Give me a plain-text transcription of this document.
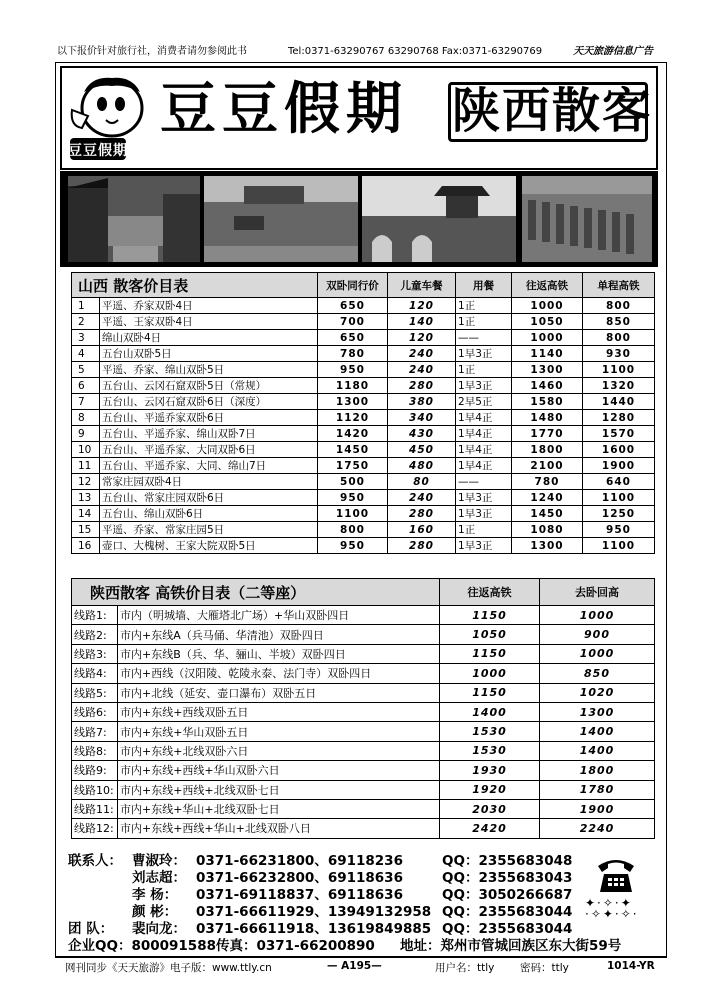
以下报价针对旅行社，消费者请勿参阅此书	Tel:0371-63290767 63290768 Fax:0371-63290769	天天旅游信息广告
豆豆假期
豆豆假期 陕西散客
山西 散客价目表		双卧同行价	儿童车餐	用餐	往返高铁	单程高铁
1	平遥、乔家双卧4日	650	120	1正	1000	800
2	平遥、王家双卧4日	700	140	1正	1050	850
3	绵山双卧4日	650	120	——	1000	800
4	五台山双卧5日	780	240	1早3正	1140	930
5	平遥、乔家、绵山双卧5日	950	240	1正	1300	1100
6	五台山、云冈石窟双卧5日（常规）	1180	280	1早3正	1460	1320
7	五台山、云冈石窟双卧6日（深度）	1300	380	2早5正	1580	1440
8	五台山、平遥乔家双卧6日	1120	340	1早4正	1480	1280
9	五台山、平遥乔家、绵山双卧7日	1420	430	1早4正	1770	1570
10	五台山、平遥乔家、大同双卧6日	1450	450	1早4正	1800	1600
11	五台山、平遥乔家、大同、绵山7日	1750	480	1早4正	2100	1900
12	常家庄园双卧4日	500	80	——	780	640
13	五台山、常家庄园双卧6日	950	240	1早3正	1240	1100
14	五台山、绵山双卧6日	1100	280	1早3正	1450	1250
15	平遥、乔家、常家庄园5日	800	160	1正	1080	950
16	壶口、大槐树、王家大院双卧5日	950	280	1早3正	1300	1100
陕西散客 高铁价目表（二等座）		往返高铁	去卧回高
线路1:	市内（明城墙、大雁塔北广场）+华山双卧四日	1150	1000
线路2:	市内+东线A（兵马俑、华清池）双卧四日	1050	900
线路3:	市内+东线B（兵、华、骊山、半坡）双卧四日	1150	1000
线路4:	市内+西线（汉阳陵、乾陵永泰、法门寺）双卧四日	1000	850
线路5:	市内+北线（延安、壶口瀑布）双卧五日	1150	1020
线路6:	市内+东线+西线双卧五日	1400	1300
线路7:	市内+东线+华山双卧五日	1530	1400
线路8:	市内+东线+北线双卧六日	1530	1400
线路9:	市内+东线+西线+华山双卧六日	1930	1800
线路10:	市内+东线+西线+北线双卧七日	1920	1780
线路11:	市内+东线+华山+北线双卧七日	2030	1900
线路12:	市内+东线+西线+华山+北线双卧八日	2420	2240
联系人： 曹淑玲： 0371-66231800、69118236	QQ：2355683048
刘志超： 0371-66232800、69118636	QQ：2355683043
李 杨： 0371-69118837、69118636	QQ：3050266687
颜 彬： 0371-66611929、13949132958 QQ：2355683044
团 队： 裴向龙： 0371-66611918、13619849885 QQ：2355683044
企业QQ：800091588 传真：0371-66200890 地址：郑州市管城回族区东大街59号
✦·✧·✦
·✧✦·✧·
网刊同步《天天旅游》电子版：www.ttly.cn	— A195—	用户名：ttly 密码：ttly	1014-YR
